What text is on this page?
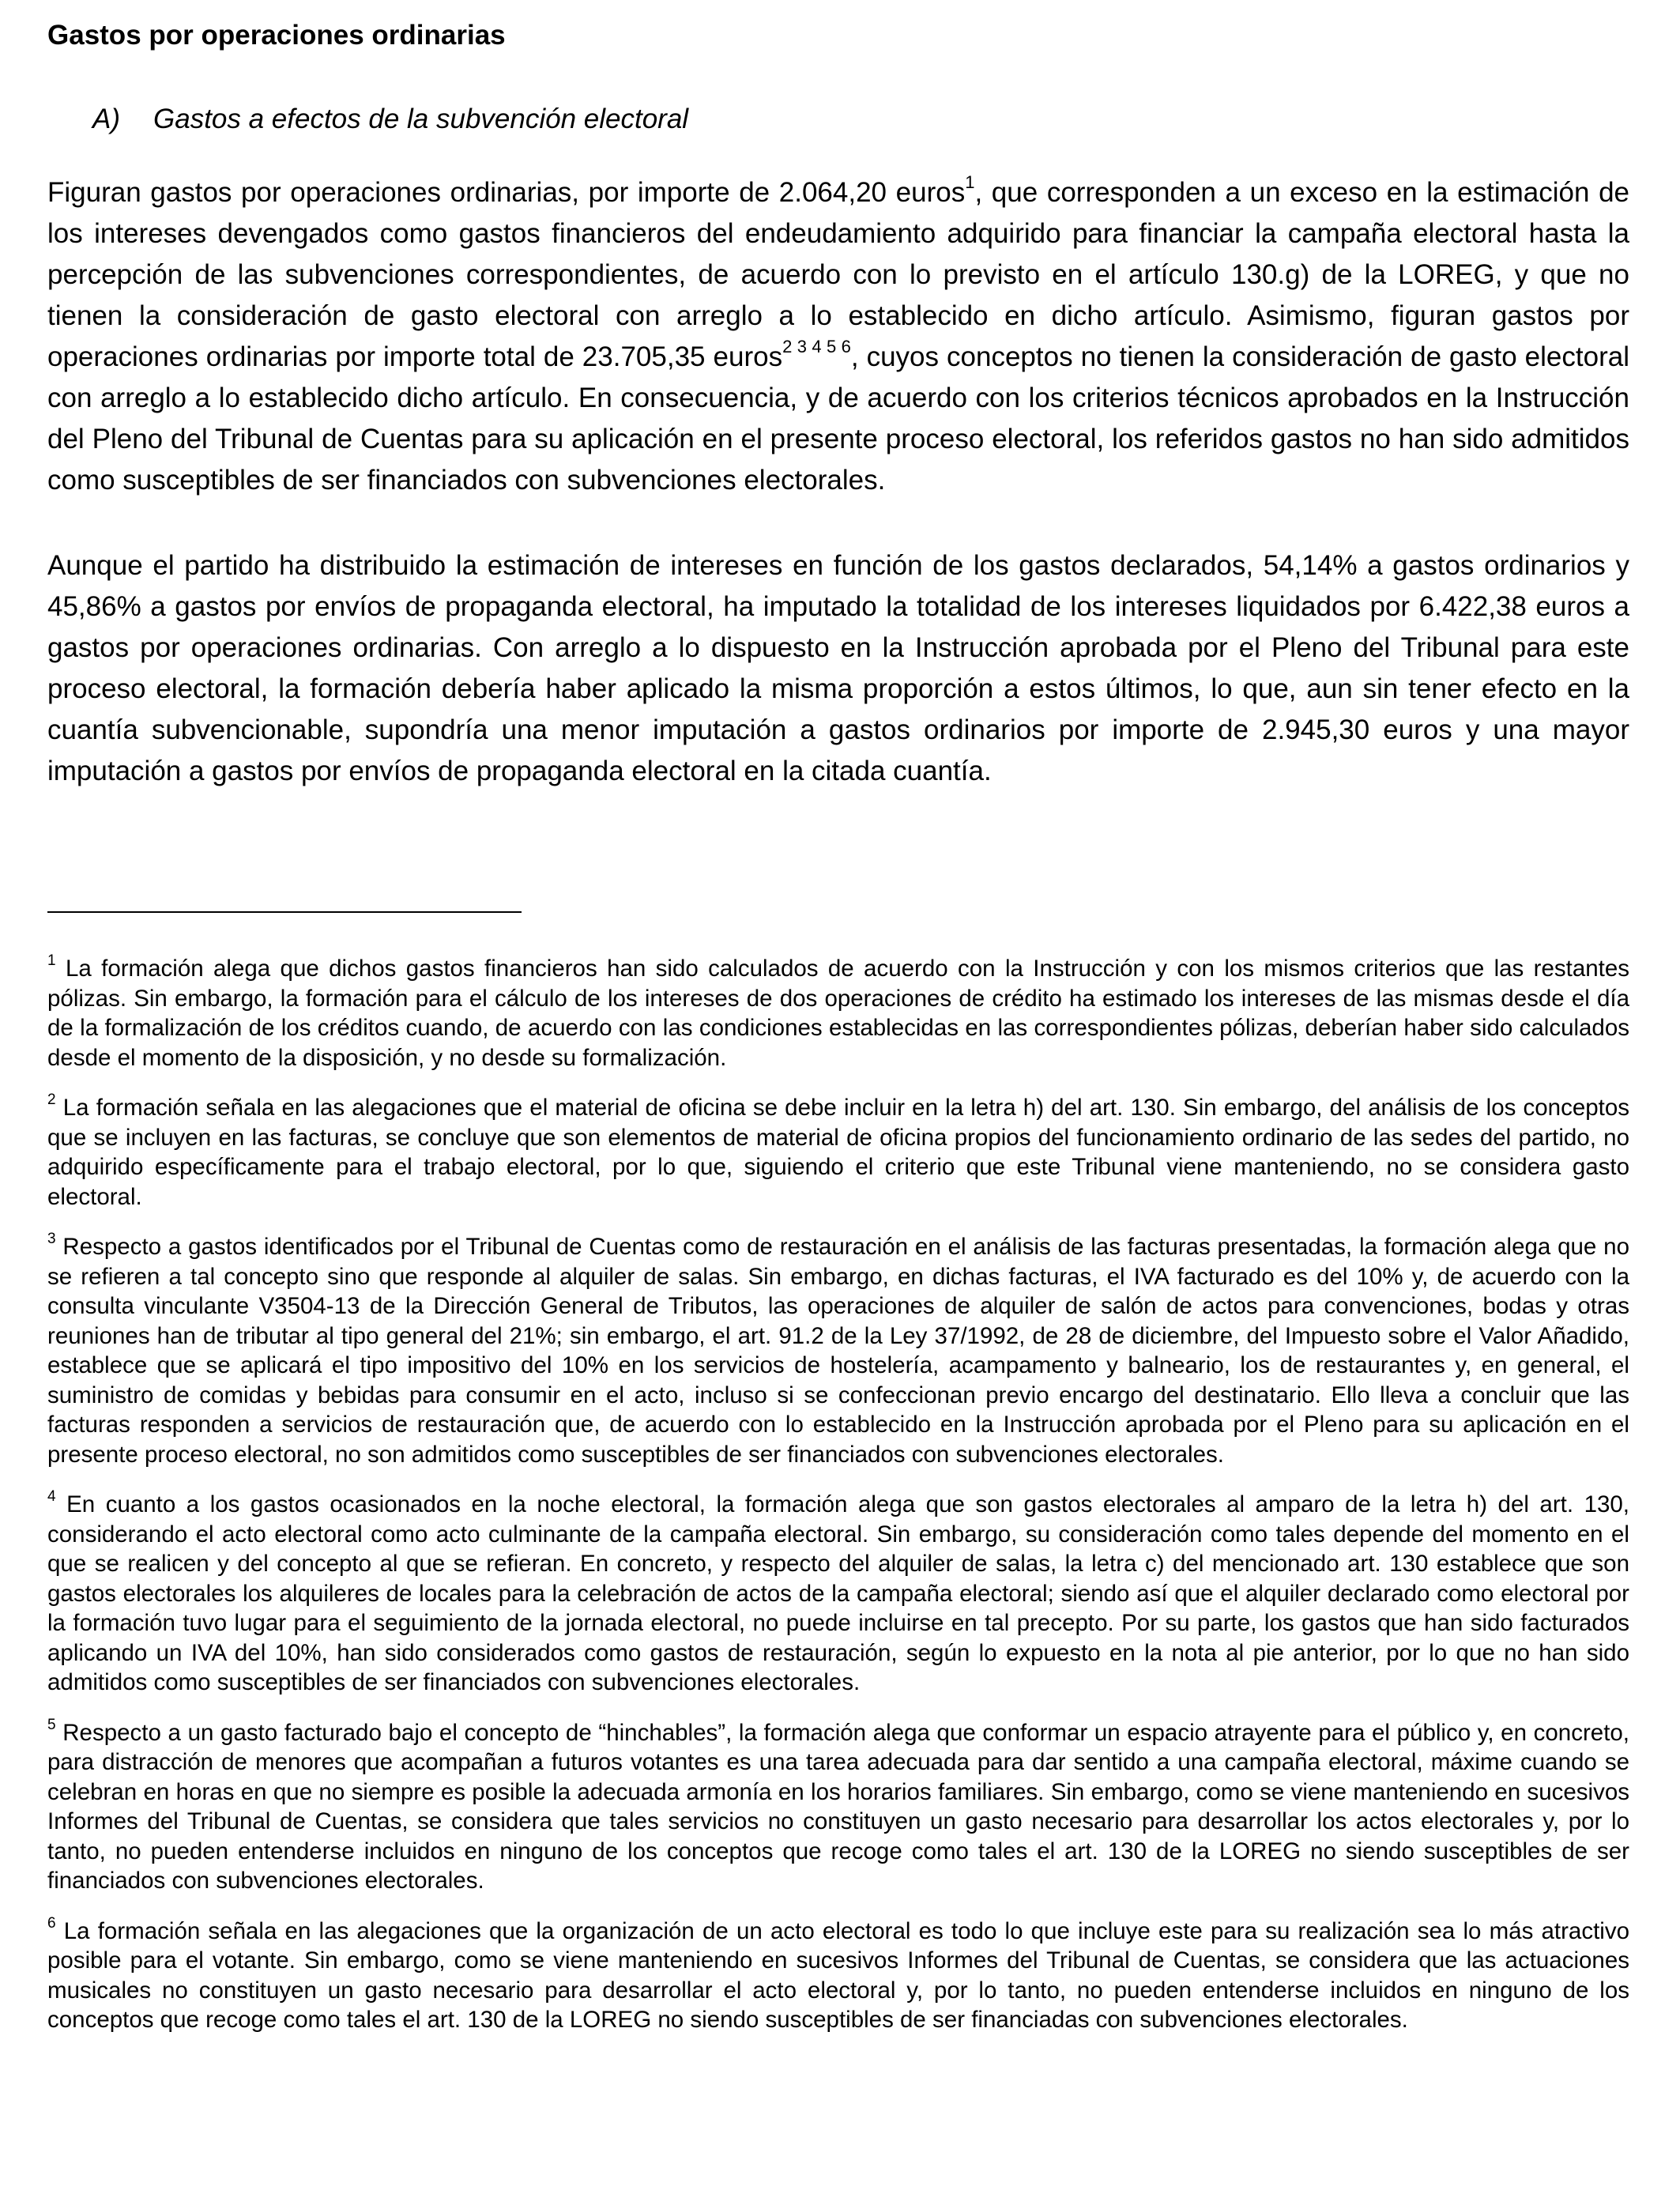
Gastos por operaciones ordinarias

A) Gastos a efectos de la subvención electoral

Figuran gastos por operaciones ordinarias, por importe de 2.064,20 euros$^1$, que corresponden a un exceso en la estimación de los intereses devengados como gastos financieros del endeudamiento adquirido para financiar la campaña electoral hasta la percepción de las subvenciones correspondientes, de acuerdo con lo previsto en el artículo 130.g) de la LOREG, y que no tienen la consideración de gasto electoral con arreglo a lo establecido en dicho artículo. Asimismo, figuran gastos por operaciones ordinarias por importe total de 23.705,35 euros$^{2 3 4 5 6}$, cuyos conceptos no tienen la consideración de gasto electoral con arreglo a lo establecido dicho artículo. En consecuencia, y de acuerdo con los criterios técnicos aprobados en la Instrucción del Pleno del Tribunal de Cuentas para su aplicación en el presente proceso electoral, los referidos gastos no han sido admitidos como susceptibles de ser financiados con subvenciones electorales.

Aunque el partido ha distribuido la estimación de intereses en función de los gastos declarados, 54,14% a gastos ordinarios y 45,86% a gastos por envíos de propaganda electoral, ha imputado la totalidad de los intereses liquidados por 6.422,38 euros a gastos por operaciones ordinarias. Con arreglo a lo dispuesto en la Instrucción aprobada por el Pleno del Tribunal para este proceso electoral, la formación debería haber aplicado la misma proporción a estos últimos, lo que, aun sin tener efecto en la cuantía subvencionable, supondría una menor imputación a gastos ordinarios por importe de 2.945,30 euros y una mayor imputación a gastos por envíos de propaganda electoral en la citada cuantía.

$^1$ La formación alega que dichos gastos financieros han sido calculados de acuerdo con la Instrucción y con los mismos criterios que las restantes pólizas. Sin embargo, la formación para el cálculo de los intereses de dos operaciones de crédito ha estimado los intereses de las mismas desde el día de la formalización de los créditos cuando, de acuerdo con las condiciones establecidas en las correspondientes pólizas, deberían haber sido calculados desde el momento de la disposición, y no desde su formalización.

$^2$ La formación señala en las alegaciones que el material de oficina se debe incluir en la letra h) del art. 130. Sin embargo, del análisis de los conceptos que se incluyen en las facturas, se concluye que son elementos de material de oficina propios del funcionamiento ordinario de las sedes del partido, no adquirido específicamente para el trabajo electoral, por lo que, siguiendo el criterio que este Tribunal viene manteniendo, no se considera gasto electoral.

$^3$ Respecto a gastos identificados por el Tribunal de Cuentas como de restauración en el análisis de las facturas presentadas, la formación alega que no se refieren a tal concepto sino que responde al alquiler de salas. Sin embargo, en dichas facturas, el IVA facturado es del 10% y, de acuerdo con la consulta vinculante V3504-13 de la Dirección General de Tributos, las operaciones de alquiler de salón de actos para convenciones, bodas y otras reuniones han de tributar al tipo general del 21%; sin embargo, el art. 91.2 de la Ley 37/1992, de 28 de diciembre, del Impuesto sobre el Valor Añadido, establece que se aplicará el tipo impositivo del 10% en los servicios de hostelería, acampamento y balneario, los de restaurantes y, en general, el suministro de comidas y bebidas para consumir en el acto, incluso si se confeccionan previo encargo del destinatario. Ello lleva a concluir que las facturas responden a servicios de restauración que, de acuerdo con lo establecido en la Instrucción aprobada por el Pleno para su aplicación en el presente proceso electoral, no son admitidos como susceptibles de ser financiados con subvenciones electorales.

$^4$ En cuanto a los gastos ocasionados en la noche electoral, la formación alega que son gastos electorales al amparo de la letra h) del art. 130, considerando el acto electoral como acto culminante de la campaña electoral. Sin embargo, su consideración como tales depende del momento en el que se realicen y del concepto al que se refieran. En concreto, y respecto del alquiler de salas, la letra c) del mencionado art. 130 establece que son gastos electorales los alquileres de locales para la celebración de actos de la campaña electoral; siendo así que el alquiler declarado como electoral por la formación tuvo lugar para el seguimiento de la jornada electoral, no puede incluirse en tal precepto. Por su parte, los gastos que han sido facturados aplicando un IVA del 10%, han sido considerados como gastos de restauración, según lo expuesto en la nota al pie anterior, por lo que no han sido admitidos como susceptibles de ser financiados con subvenciones electorales.

$^5$ Respecto a un gasto facturado bajo el concepto de “hinchables”, la formación alega que conformar un espacio atrayente para el público y, en concreto, para distracción de menores que acompañan a futuros votantes es una tarea adecuada para dar sentido a una campaña electoral, máxime cuando se celebran en horas en que no siempre es posible la adecuada armonía en los horarios familiares. Sin embargo, como se viene manteniendo en sucesivos Informes del Tribunal de Cuentas, se considera que tales servicios no constituyen un gasto necesario para desarrollar los actos electorales y, por lo tanto, no pueden entenderse incluidos en ninguno de los conceptos que recoge como tales el art. 130 de la LOREG no siendo susceptibles de ser financiados con subvenciones electorales.

$^6$ La formación señala en las alegaciones que la organización de un acto electoral es todo lo que incluye este para su realización sea lo más atractivo posible para el votante. Sin embargo, como se viene manteniendo en sucesivos Informes del Tribunal de Cuentas, se considera que las actuaciones musicales no constituyen un gasto necesario para desarrollar el acto electoral y, por lo tanto, no pueden entenderse incluidos en ninguno de los conceptos que recoge como tales el art. 130 de la LOREG no siendo susceptibles de ser financiadas con subvenciones electorales.
